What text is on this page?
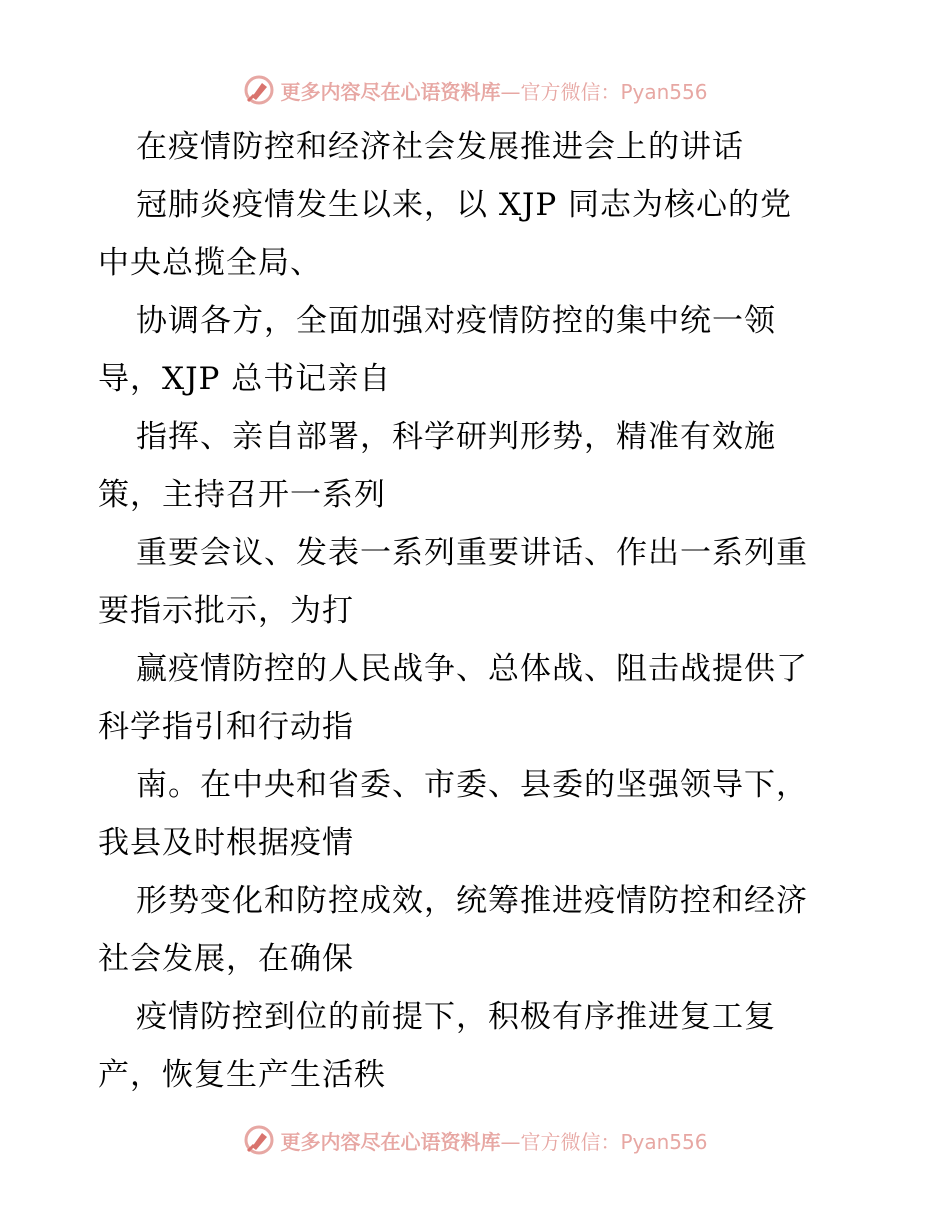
更多内容尽在心语资料库 —官方微信：Pyan556
在疫情防控和经济社会发展推进会上的讲话
冠肺炎疫情发生以来，以 XJP 同志为核心的党
中央总揽全局、
协调各方，全面加强对疫情防控的集中统一领
导，XJP 总书记亲自
指挥、亲自部署，科学研判形势，精准有效施
策，主持召开一系列
重要会议、发表一系列重要讲话、作出一系列重
要指示批示，为打
赢疫情防控的人民战争、总体战、阻击战提供了
科学指引和行动指
南。在中央和省委、市委、县委的坚强领导下，
我县及时根据疫情
形势变化和防控成效，统筹推进疫情防控和经济
社会发展，在确保
疫情防控到位的前提下，积极有序推进复工复
产，恢复生产生活秩
更多内容尽在心语资料库 —官方微信：Pyan556
